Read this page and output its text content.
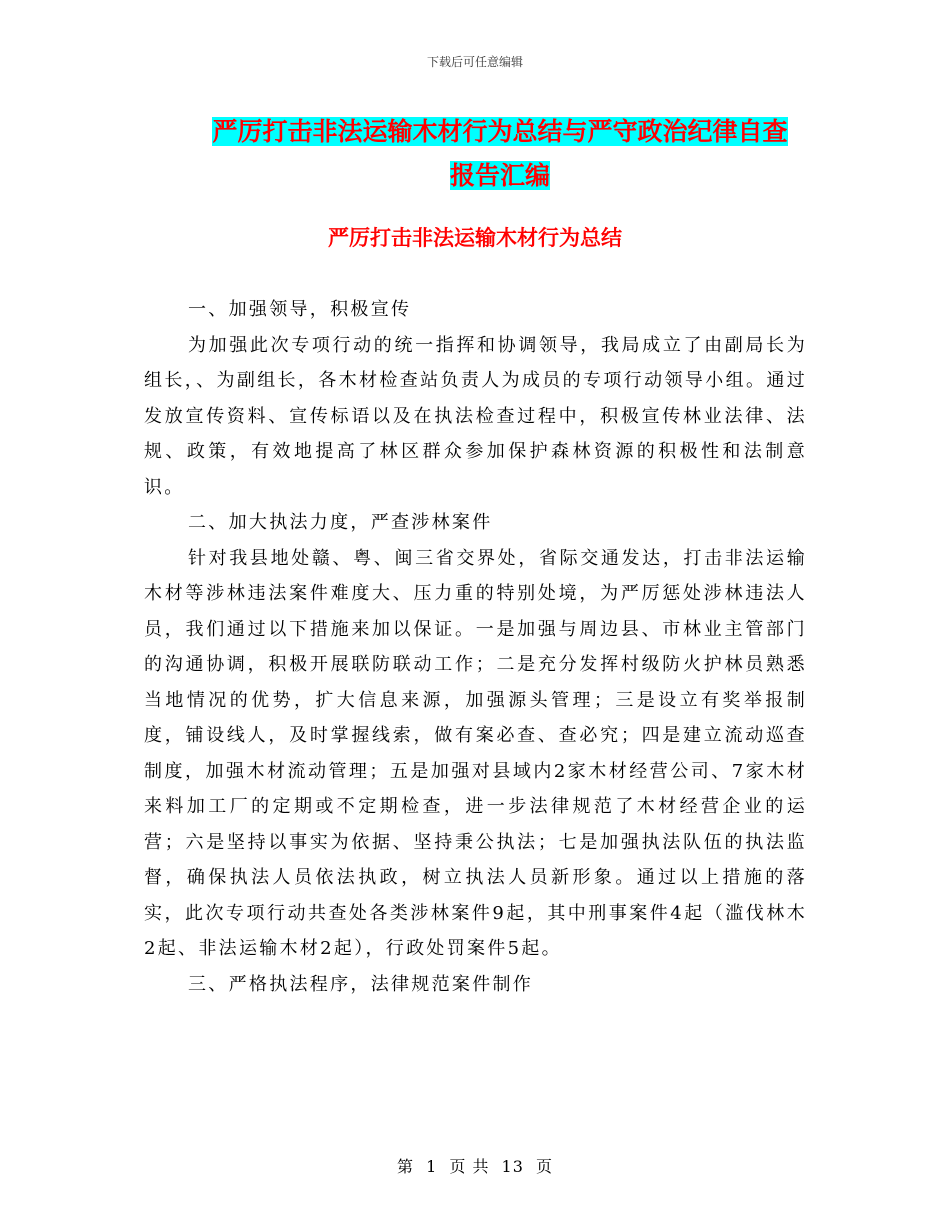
下载后可任意编辑
严厉打击非法运输木材行为总结与严守政治纪律自查
报告汇编
严厉打击非法运输木材行为总结

一、加强领导，积极宣传

为加强此次专项行动的统一指挥和协调领导，我局成立了由副局长为组长，、为副组长，各木材检查站负责人为成员的专项行动领导小组。通过发放宣传资料、宣传标语以及在执法检查过程中，积极宣传林业法律、法规、政策，有效地提高了林区群众参加保护森林资源的积极性和法制意识。

二、加大执法力度，严查涉林案件

针对我县地处赣、粤、闽三省交界处，省际交通发达，打击非法运输木材等涉林违法案件难度大、压力重的特别处境，为严厉惩处涉林违法人员，我们通过以下措施来加以保证。一是加强与周边县、市林业主管部门的沟通协调，积极开展联防联动工作；二是充分发挥村级防火护林员熟悉当地情况的优势，扩大信息来源，加强源头管理；三是设立有奖举报制度，铺设线人，及时掌握线索，做有案必查、查必究；四是建立流动巡查制度，加强木材流动管理；五是加强对县域内2家木材经营公司、7家木材来料加工厂的定期或不定期检查，进一步法律规范了木材经营企业的运营；六是坚持以事实为依据、坚持秉公执法；七是加强执法队伍的执法监督，确保执法人员依法执政，树立执法人员新形象。通过以上措施的落实，此次专项行动共查处各类涉林案件9起，其中刑事案件4起（滥伐林木2起、非法运输木材2起），行政处罚案件5起。

三、严格执法程序，法律规范案件制作

第 1 页 共 13 页
